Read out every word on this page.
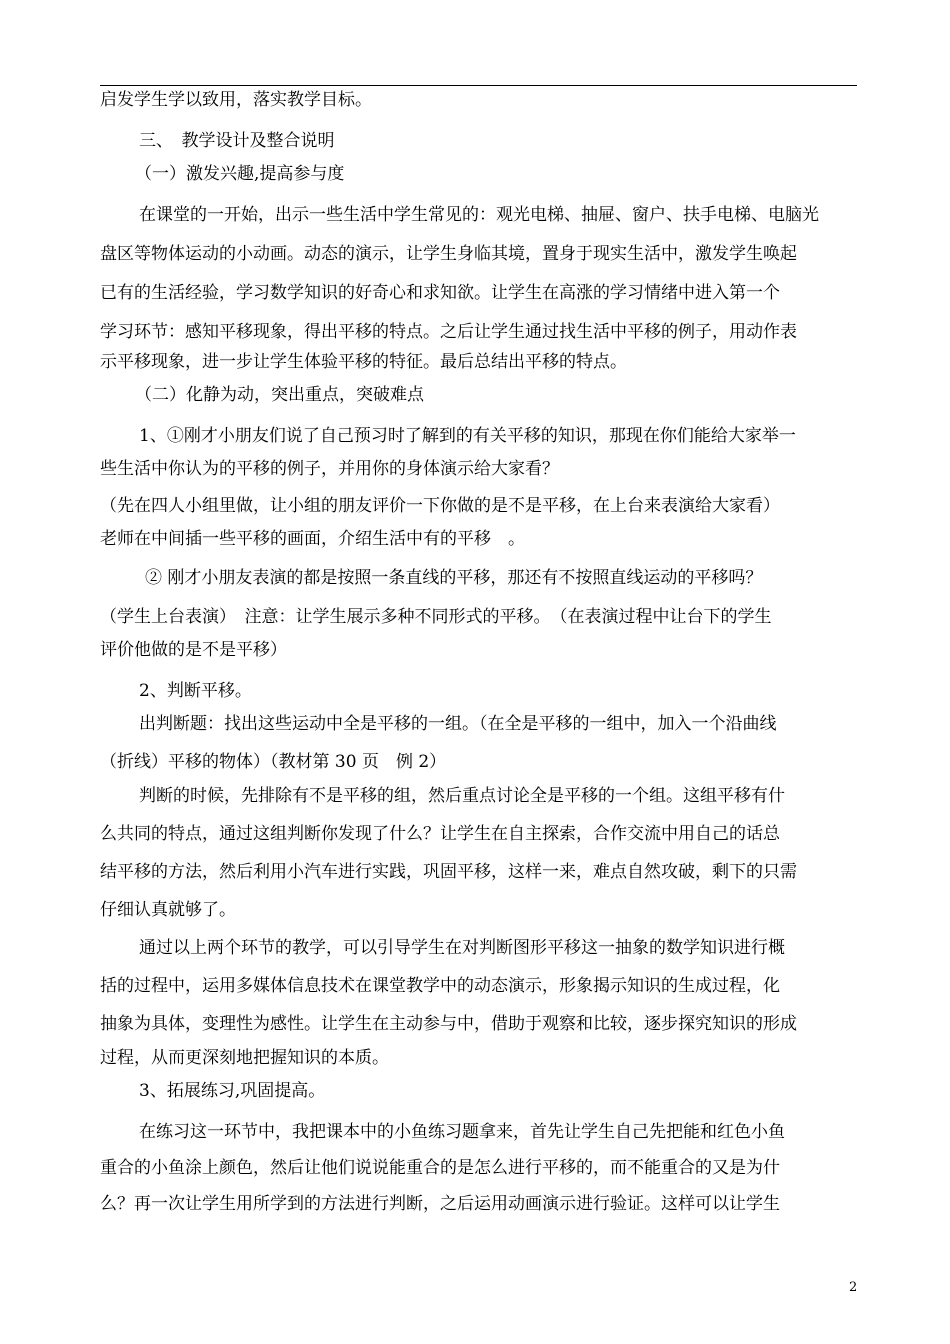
启发学生学以致用，落实教学目标。
三、　教学设计及整合说明
（一）激发兴趣,提高参与度
在课堂的一开始，出示一些生活中学生常见的：观光电梯、抽屉、窗户、扶手电梯、电脑光
盘区等物体运动的小动画。动态的演示，让学生身临其境，置身于现实生活中，激发学生唤起
已有的生活经验，学习数学知识的好奇心和求知欲。让学生在高涨的学习情绪中进入第一个
学习环节：感知平移现象，得出平移的特点。之后让学生通过找生活中平移的例子，用动作表
示平移现象，进一步让学生体验平移的特征。最后总结出平移的特点。
（二）化静为动，突出重点，突破难点
1、①刚才小朋友们说了自己预习时了解到的有关平移的知识，那现在你们能给大家举一
些生活中你认为的平移的例子，并用你的身体演示给大家看？
（先在四人小组里做，让小组的朋友评价一下你做的是不是平移，在上台来表演给大家看）
老师在中间插一些平移的画面，介绍生活中有的平移　。
② 刚才小朋友表演的都是按照一条直线的平移，那还有不按照直线运动的平移吗？
（学生上台表演）　注意：让学生展示多种不同形式的平移。　（在表演过程中让台下的学生
评价他做的是不是平移）
2、判断平移。
出判断题：找出这些运动中全是平移的一组。（在全是平移的一组中，加入一个沿曲线
（折线）平移的物体）（教材第 30 页　例 2）
判断的时候，先排除有不是平移的组，然后重点讨论全是平移的一个组。这组平移有什
么共同的特点，通过这组判断你发现了什么？让学生在自主探索，合作交流中用自己的话总
结平移的方法，然后利用小汽车进行实践，巩固平移，这样一来，难点自然攻破，剩下的只需
仔细认真就够了。
通过以上两个环节的教学，可以引导学生在对判断图形平移这一抽象的数学知识进行概
括的过程中，运用多媒体信息技术在课堂教学中的动态演示，形象揭示知识的生成过程，化
抽象为具体，变理性为感性。让学生在主动参与中，借助于观察和比较，逐步探究知识的形成
过程，从而更深刻地把握知识的本质。
3、拓展练习,巩固提高。
在练习这一环节中，我把课本中的小鱼练习题拿来，首先让学生自己先把能和红色小鱼
重合的小鱼涂上颜色，然后让他们说说能重合的是怎么进行平移的，而不能重合的又是为什
么？再一次让学生用所学到的方法进行判断，之后运用动画演示进行验证。这样可以让学生
2
